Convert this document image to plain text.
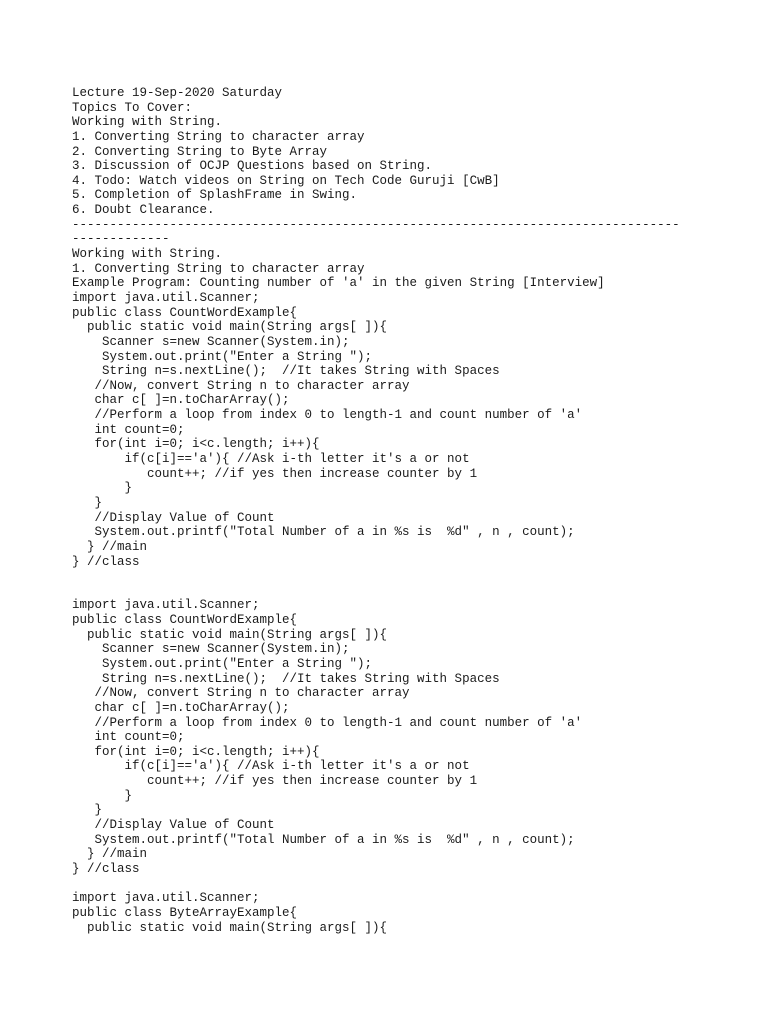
Lecture 19-Sep-2020 Saturday
Topics To Cover:
Working with String.
1. Converting String to character array
2. Converting String to Byte Array
3. Discussion of OCJP Questions based on String.
4. Todo: Watch videos on String on Tech Code Guruji [CwB]
5. Completion of SplashFrame in Swing.
6. Doubt Clearance.
---------------------------------------------------------------------------------
-------------
Working with String.
1. Converting String to character array
Example Program: Counting number of 'a' in the given String [Interview]
import java.util.Scanner;
public class CountWordExample{
public static void main(String args[ ]){
Scanner s=new Scanner(System.in);
System.out.print("Enter a String ");
String n=s.nextLine();  //It takes String with Spaces
//Now, convert String n to character array
char c[ ]=n.toCharArray();
//Perform a loop from index 0 to length-1 and count number of 'a'
int count=0;
for(int i=0; i<c.length; i++){
if(c[i]=='a'){ //Ask i-th letter it's a or not
count++; //if yes then increase counter by 1
}
}
//Display Value of Count
System.out.printf("Total Number of a in %s is  %d" , n , count);
} //main
} //class
import java.util.Scanner;
public class CountWordExample{
public static void main(String args[ ]){
Scanner s=new Scanner(System.in);
System.out.print("Enter a String ");
String n=s.nextLine();  //It takes String with Spaces
//Now, convert String n to character array
char c[ ]=n.toCharArray();
//Perform a loop from index 0 to length-1 and count number of 'a'
int count=0;
for(int i=0; i<c.length; i++){
if(c[i]=='a'){ //Ask i-th letter it's a or not
count++; //if yes then increase counter by 1
}
}
//Display Value of Count
System.out.printf("Total Number of a in %s is  %d" , n , count);
} //main
} //class
import java.util.Scanner;
public class ByteArrayExample{
public static void main(String args[ ]){
